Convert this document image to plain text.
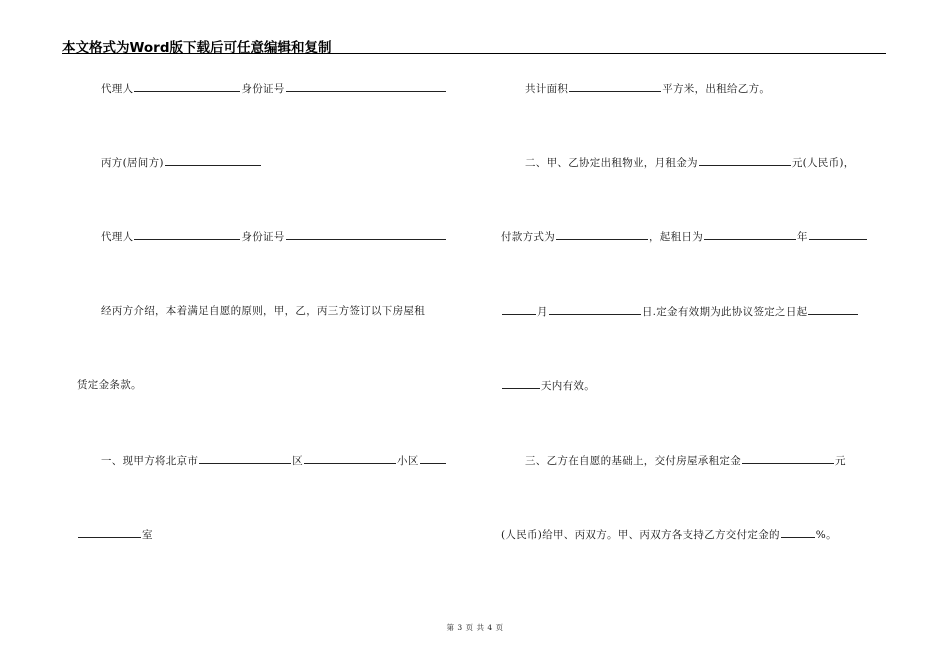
本文格式为Word版下载后可任意编辑和复制
代理人	身份证号
丙方(居间方)
代理人	身份证号
经丙方介绍，本着满足自愿的原则，甲，乙，丙三方签订以下房屋租
赁定金条款。
一、现甲方将北京市	区	小区
室
共计面积	平方米，出租给乙方。
二、甲、乙协定出租物业，月租金为	元(人民币)，
付款方式为	，起租日为	年
月	日.定金有效期为此协议签定之日起
天内有效。
三、乙方在自愿的基础上，交付房屋承租定金	元
(人民币)给甲、丙双方。甲、丙双方各支持乙方交付定金的	%。
第 3 页 共 4 页
